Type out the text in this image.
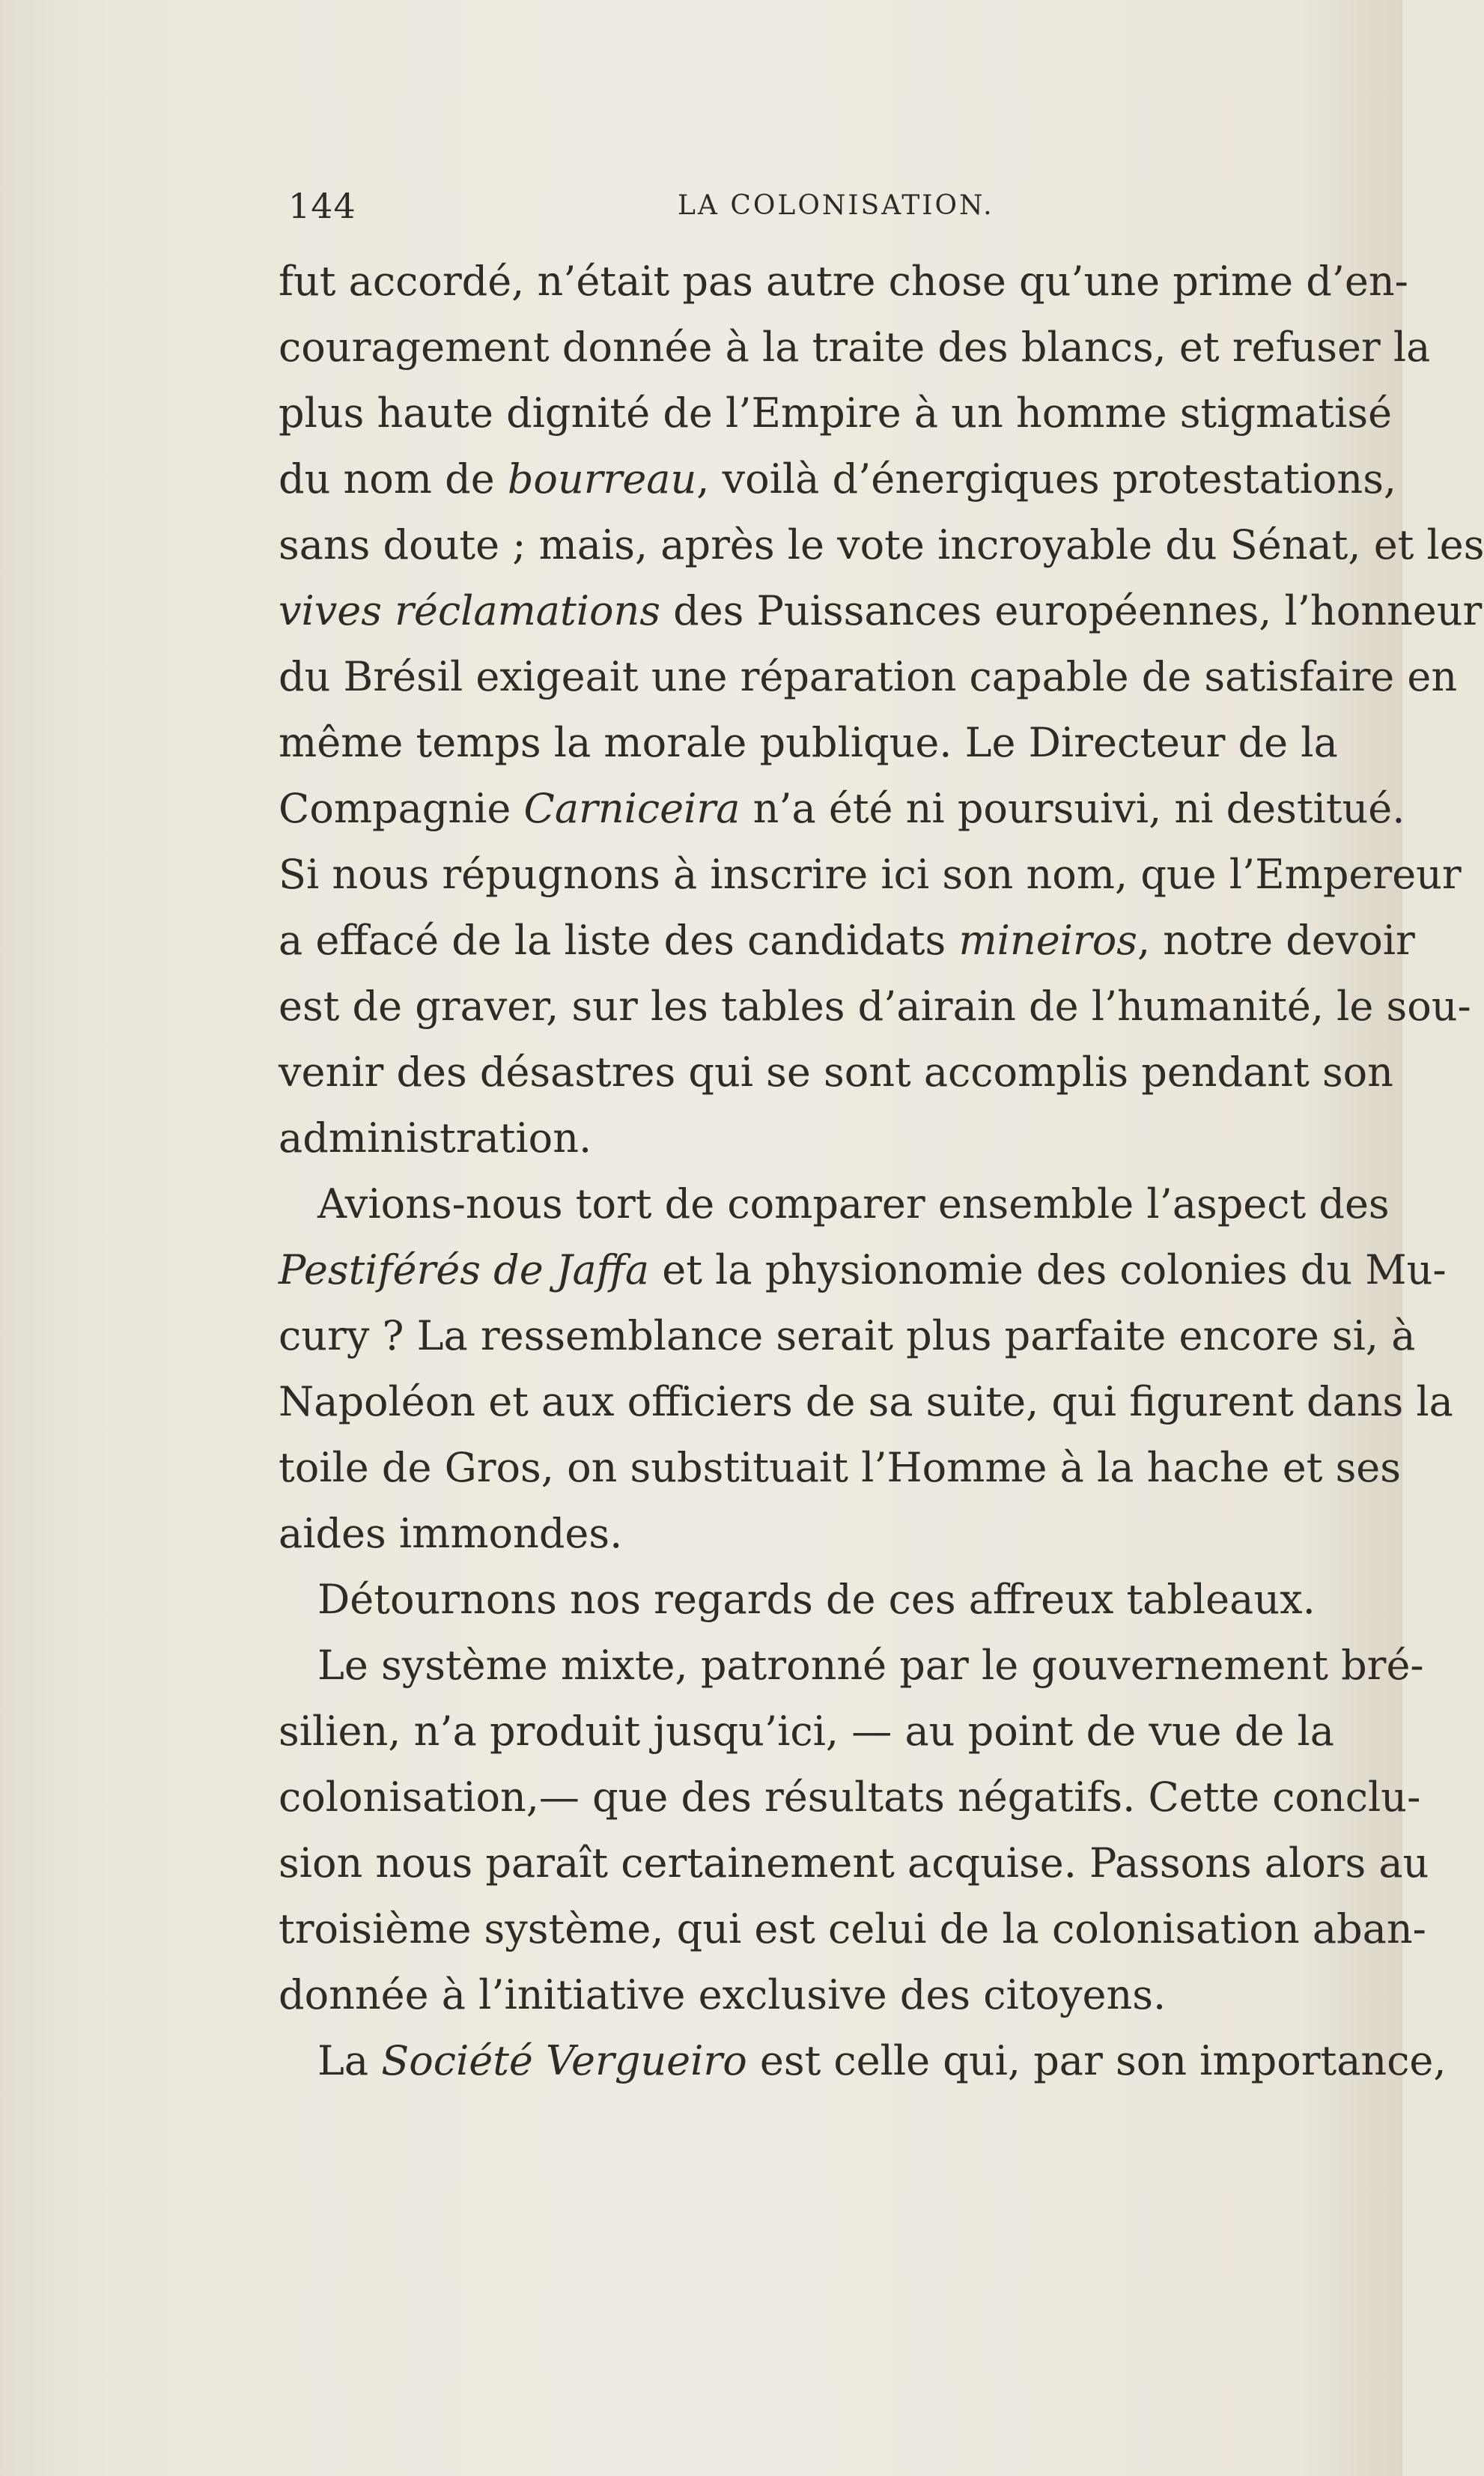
144	LA COLONISATION.
fut accordé, n’était pas autre chose qu’une prime d’en-
couragement donnée à la traite des blancs, et refuser la
plus haute dignité de l’Empire à un homme stigmatisé
du nom de bourreau, voilà d’énergiques protestations,
sans doute ; mais, après le vote incroyable du Sénat, et les
vives réclamations des Puissances européennes, l’honneur
du Brésil exigeait une réparation capable de satisfaire en
même temps la morale publique. Le Directeur de la
Compagnie Carniceira n’a été ni poursuivi, ni destitué.
Si nous répugnons à inscrire ici son nom, que l’Empereur
a effacé de la liste des candidats mineiros, notre devoir
est de graver, sur les tables d’airain de l’humanité, le sou-
venir des désastres qui se sont accomplis pendant son
administration.
Avions-nous tort de comparer ensemble l’aspect des
Pestiférés de Jaffa et la physionomie des colonies du Mu-
cury ? La ressemblance serait plus parfaite encore si, à
Napoléon et aux officiers de sa suite, qui figurent dans la
toile de Gros, on substituait l’Homme à la hache et ses
aides immondes.
Détournons nos regards de ces affreux tableaux.
Le système mixte, patronné par le gouvernement bré-
silien, n’a produit jusqu’ici, — au point de vue de la
colonisation,— que des résultats négatifs. Cette conclu-
sion nous paraît certainement acquise. Passons alors au
troisième système, qui est celui de la colonisation aban-
donnée à l’initiative exclusive des citoyens.
La Société Vergueiro est celle qui, par son importance,
